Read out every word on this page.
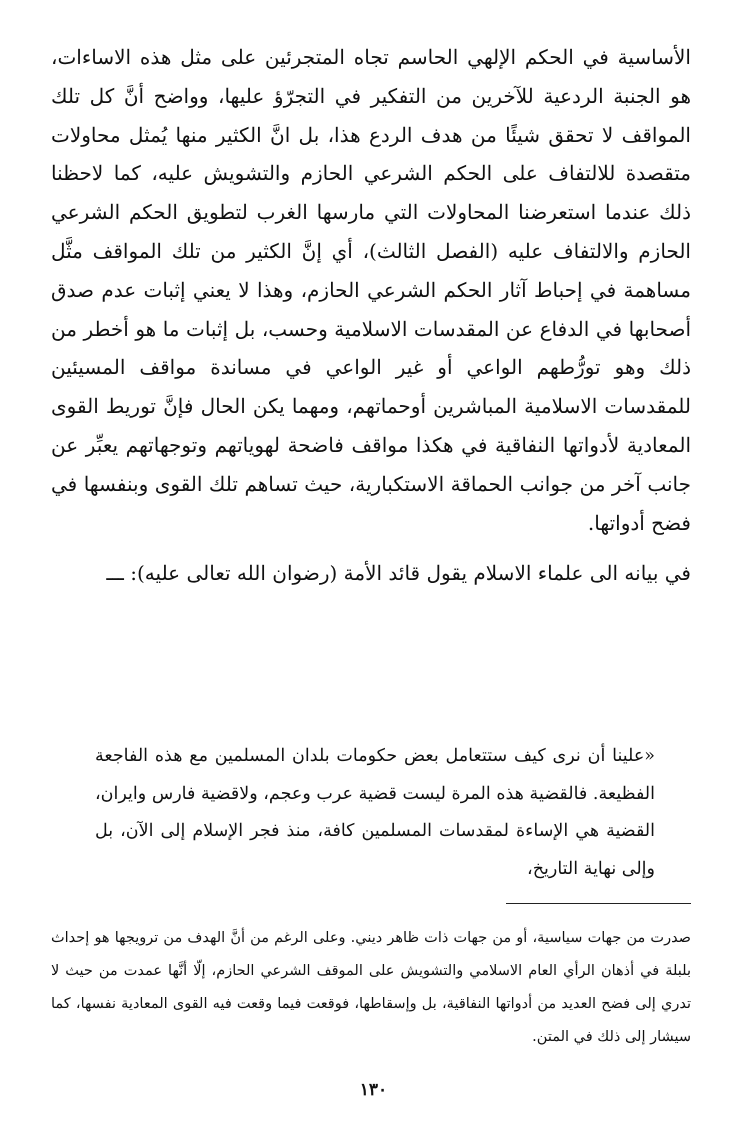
الأساسية في الحكم الإلهي الحاسم تجاه المتجرئين على مثل هذه الاساءات، هو الجنبة الردعية للآخرين من التفكير في التجرّؤ عليها، وواضح أنَّ كل تلك المواقف لا تحقق شيئًا من هدف الردع هذا، بل انَّ الكثير منها يُمثل محاولات متقصدة للالتفاف على الحكم الشرعي الحازم والتشويش عليه، كما لاحظنا ذلك عندما استعرضنا المحاولات التي مارسها الغرب لتطويق الحكم الشرعي الحازم والالتفاف عليه (الفصل الثالث)، أي إنَّ الكثير من تلك المواقف مثَّل مساهمة في إحباط آثار الحكم الشرعي الحازم، وهذا لا يعني إثبات عدم صدق أصحابها في الدفاع عن المقدسات الاسلامية وحسب، بل إثبات ما هو أخطر من ذلك وهو تورُّطهم الواعي أو غير الواعي في مساندة مواقف المسيئين للمقدسات الاسلامية المباشرين أوحماتهم، ومهما يكن الحال فإنَّ توريط القوى المعادية لأدواتها النفاقية في هكذا مواقف فاضحة لهوياتهم وتوجهاتهم يعبِّر عن جانب آخر من جوانب الحماقة الاستكبارية، حيث تساهم تلك القوى وبنفسها في فضح أدواتها.

في بيانه الى علماء الاسلام يقول قائد الأمة (رضوان الله تعالى عليه): ـــ

«علينا أن نرى كيف ستتعامل بعض حكومات بلدان المسلمين مع هذه الفاجعة الفظيعة. فالقضية هذه المرة ليست قضية عرب وعجم، ولاقضية فارس وايران، القضية هي الإساءة لمقدسات المسلمين كافة، منذ فجر الإسلام إلى الآن، بل وإلى نهاية التاريخ،

صدرت من جهات سياسية، أو من جهات ذات ظاهر ديني. وعلى الرغم من أنَّ الهدف من ترويجها هو إحداث بلبلة في أذهان الرأي العام الاسلامي والتشويش على الموقف الشرعي الحازم، إلّا أنَّها عمدت من حيث لا تدري إلى فضح العديد من أدواتها النفاقية، بل وإسقاطها، فوقعت فيما وقعت فيه القوى المعادية نفسها، كما سيشار إلى ذلك في المتن.

١٣٠
